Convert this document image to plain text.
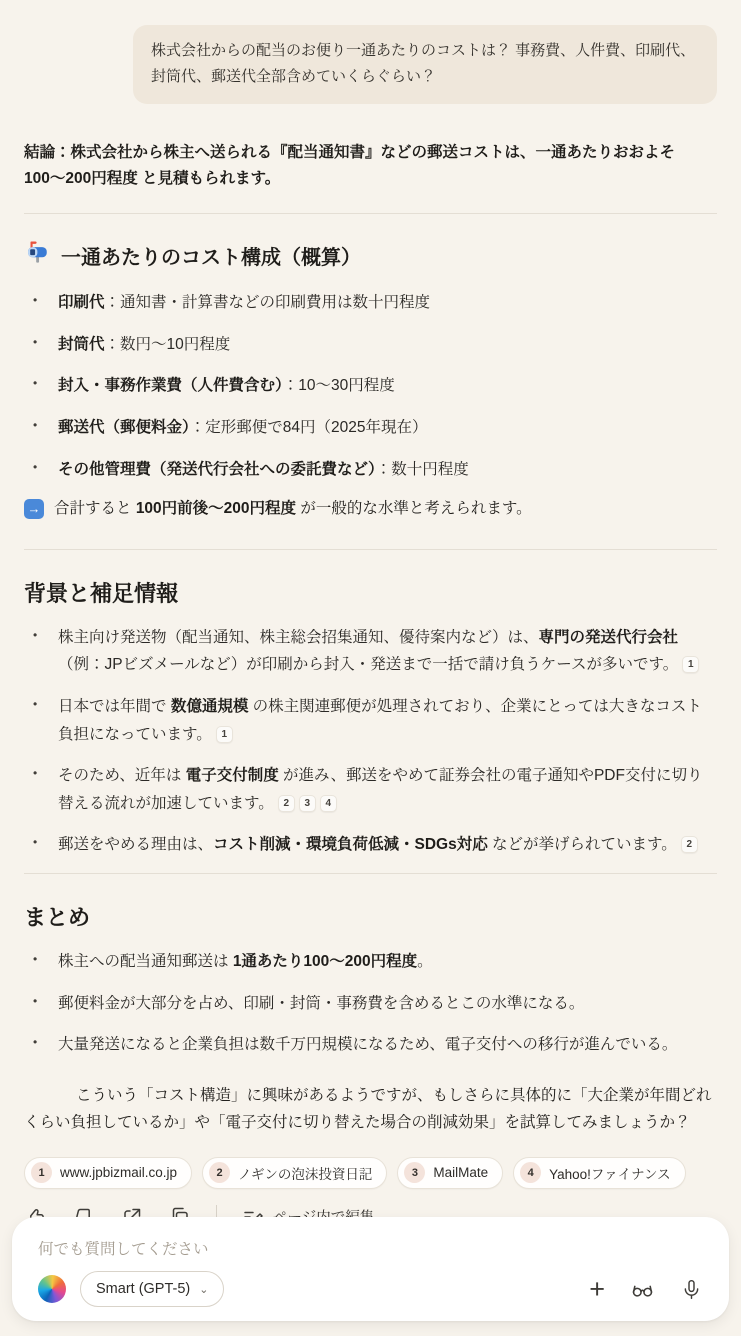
株式会社からの配当のお便り一通あたりのコストは？ 事務費、人件費、印刷代、封筒代、郵送代全部含めていくらぐらい？

結論：株式会社から株主へ送られる『配当通知書』などの郵送コストは、一通あたりおおよそ 100〜200円程度 と見積もられます。

一通あたりのコスト構成（概算）
• 印刷代：通知書・計算書などの印刷費用は数十円程度
• 封筒代：数円〜10円程度
• 封入・事務作業費（人件費含む）：10〜30円程度
• 郵送代（郵便料金）：定形郵便で84円（2025年現在）
• その他管理費（発送代行会社への委託費など）：数十円程度
→ 合計すると 100円前後〜200円程度 が一般的な水準と考えられます。
背景と補足情報
• 株主向け発送物（配当通知、株主総会招集通知、優待案内など）は、専門の発送代行会社（例：JPビズメールなど）が印刷から封入・発送まで一括で請け負うケースが多いです。 1
• 日本では年間で 数億通規模 の株主関連郵便が処理されており、企業にとっては大きなコスト負担になっています。 1
• そのため、近年は 電子交付制度 が進み、郵送をやめて証券会社の電子通知やPDF交付に切り替える流れが加速しています。 2 3 4
• 郵送をやめる理由は、コスト削減・環境負荷低減・SDGs対応 などが挙げられています。 2
まとめ
• 株主への配当通知郵送は 1通あたり100〜200円程度。
• 郵便料金が大部分を占め、印刷・封筒・事務費を含めるとこの水準になる。
• 大量発送になると企業負担は数千万円規模になるため、電子交付への移行が進んでいる。

こういう「コスト構造」に興味があるようですが、もしさらに具体的に「大企業が年間どれくらい負担しているか」や「電子交付に切り替えた場合の削減効果」を試算してみましょうか？

1	www.jpbizmail.co.jp	2	ノギンの泡沫投資日記	3	MailMate	4	Yahoo!ファイナンス
何でも質問してください
Smart (GPT-5) ⌄	+
